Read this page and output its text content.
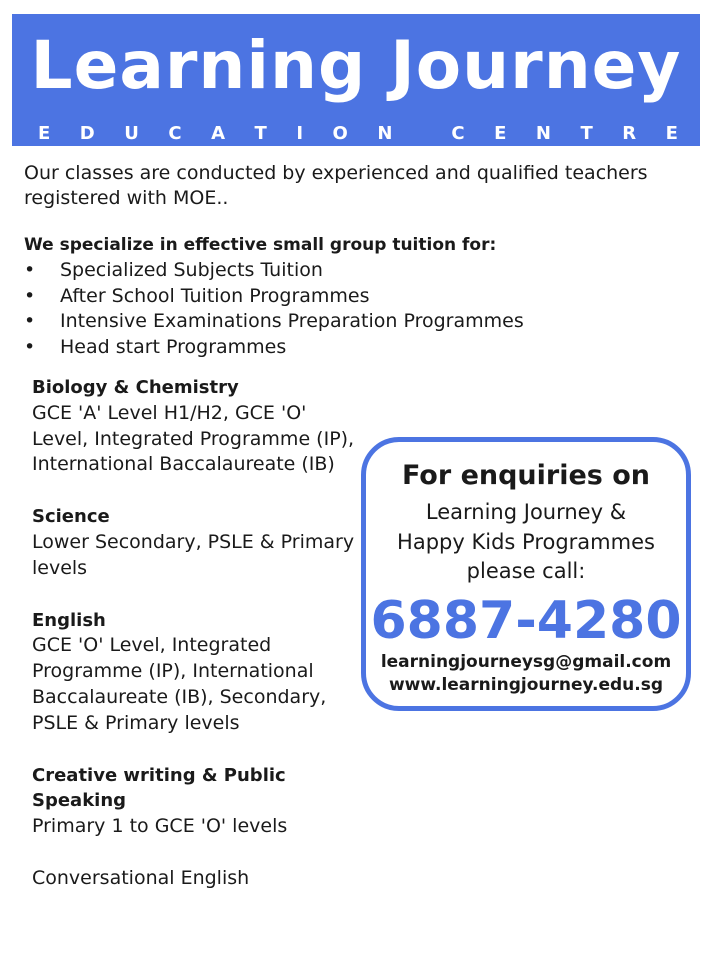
Learning Journey
E D U C A T I O N	C E N T R E

Our classes are conducted by experienced and qualified teachers registered with MOE..

We specialize in effective small group tuition for:

• Specialized Subjects Tuition
• After School Tuition Programmes
• Intensive Examinations Preparation Programmes
• Head start Programmes
Biology & Chemistry
GCE 'A' Level H1/H2, GCE 'O' Level, Integrated Programme (IP), International Baccalaureate (IB)
Science
Lower Secondary, PSLE & Primary levels
English
GCE 'O' Level, Integrated Programme (IP), International Baccalaureate (IB), Secondary, PSLE & Primary levels
Creative writing & Public Speaking
Primary 1 to GCE 'O' levels
Conversational English
For enquiries on
Learning Journey &
Happy Kids Programmes
please call:
6887-4280
learningjourneysg@gmail.com
www.learningjourney.edu.sg
